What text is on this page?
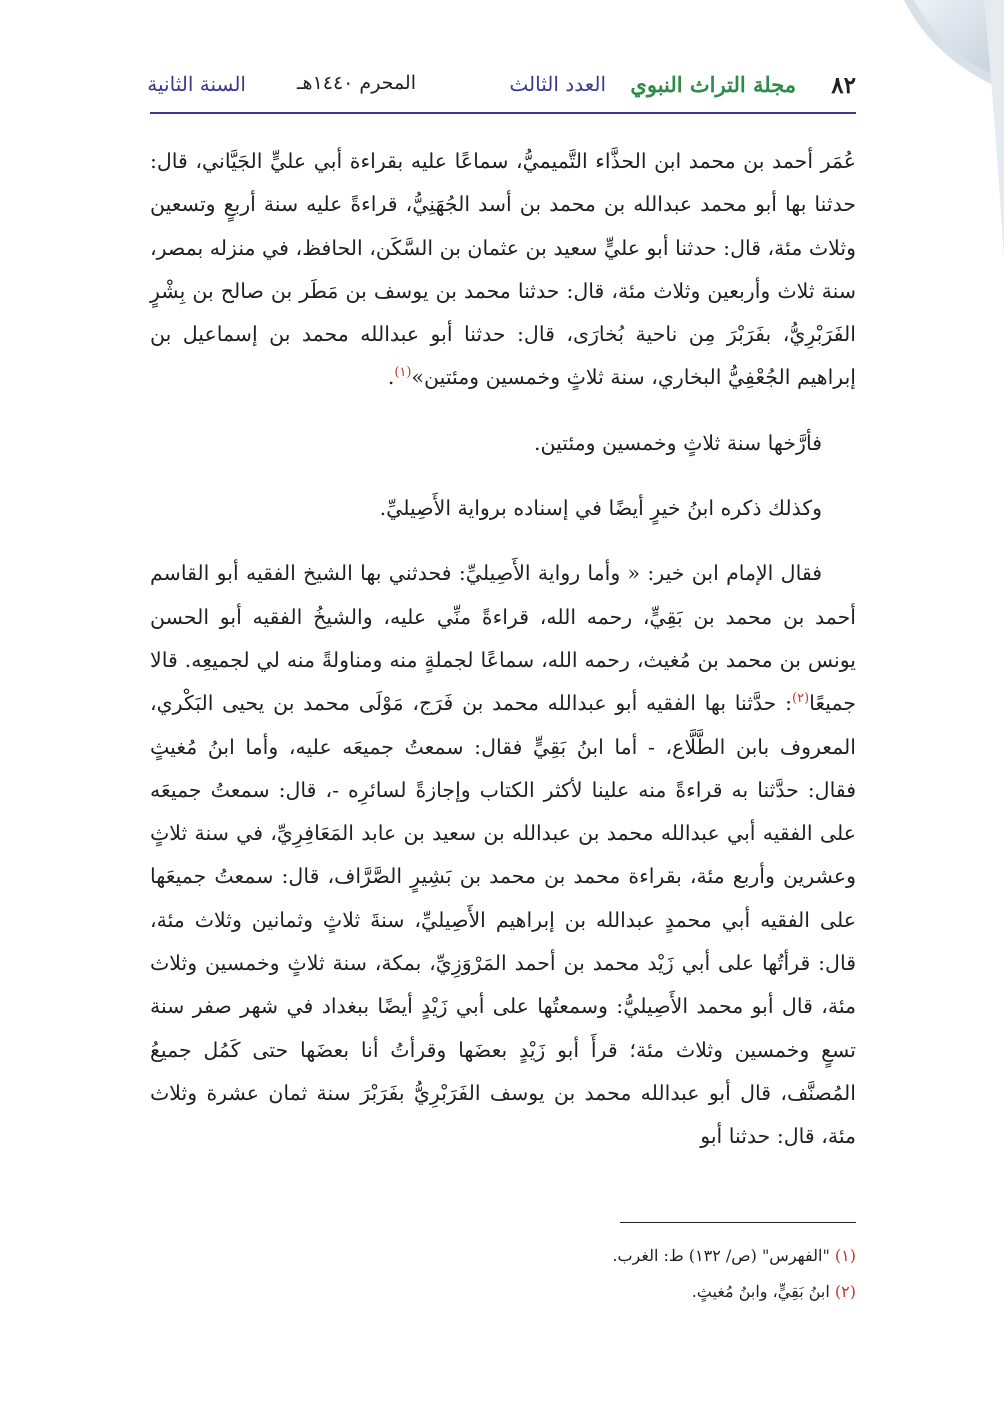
٨٢
مجلة التراث النبوي
العدد الثالث
المحرم ١٤٤٠هـ
السنة الثانية

عُمَر أحمد بن محمد ابن الحذَّاء التَّميميُّ، سماعًا عليه بقراءة أبي عليٍّ الجَيَّاني، قال: حدثنا بها أبو محمد عبدالله بن محمد بن أسد الجُهَنِيُّ، قراءةً عليه سنة أربعٍ وتسعين وثلاث مئة، قال: حدثنا أبو عليٍّ سعيد بن عثمان بن السَّكَن، الحافظ، في منزله بمصر، سنة ثلاث وأربعين وثلاث مئة، قال: حدثنا محمد بن يوسف بن مَطَر بن صالح بن بِشْرٍ الفَرَبْرِيُّ، بفَرَبْرَ مِن ناحية بُخارَى، قال: حدثنا أبو عبدالله محمد بن إسماعيل بن إبراهيم الجُعْفِيُّ البخاري، سنة ثلاثٍ وخمسين ومئتين»$^{(١)}$.

فأرَّخها سنة ثلاثٍ وخمسين ومئتين.

وكذلك ذكره ابنُ خيرٍ أيضًا في إسناده برواية الأَصِيليِّ.

فقال الإمام ابن خير: « وأما رواية الأَصِيليِّ: فحدثني بها الشيخ الفقيه أبو القاسم أحمد بن محمد بن بَقِيٍّ، رحمه الله، قراءةً منِّي عليه، والشيخُ الفقيه أبو الحسن يونس بن محمد بن مُغيث، رحمه الله، سماعًا لجملةٍ منه ومناولةً منه لي لجميعِه. قالا جميعًا$^{(٢)}$: حدَّثنا بها الفقيه أبو عبدالله محمد بن فَرَج، مَوْلَى محمد بن يحيى البَكْري، المعروف بابن الطَّلَّاع، - أما ابنُ بَقِيٍّ فقال: سمعتُ جميعَه عليه، وأما ابنُ مُغيثٍ فقال: حدَّثنا به قراءةً منه علينا لأكثر الكتاب وإجازةً لسائرِه -، قال: سمعتُ جميعَه على الفقيه أبي عبدالله محمد بن عبدالله بن سعيد بن عابد المَعَافِرِيِّ، في سنة ثلاثٍ وعشرين وأربع مئة، بقراءة محمد بن محمد بن بَشِيرٍ الصَّرَّاف، قال: سمعتُ جميعَها على الفقيه أبي محمدٍ عبدالله بن إبراهيم الأَصِيليِّ، سنةَ ثلاثٍ وثمانين وثلاث مئة، قال: قرأتُها على أبي زَيْد محمد بن أحمد المَرْوَزِيِّ، بمكة، سنة ثلاثٍ وخمسين وثلاث مئة، قال أبو محمد الأَصِيليُّ: وسمعتُها على أبي زَيْدٍ أيضًا ببغداد في شهر صفر سنة تسعٍ وخمسين وثلاث مئة؛ قرأَ أبو زَيْدٍ بعضَها وقرأتُ أنا بعضَها حتى كَمُل جميعُ المُصنَّف، قال أبو عبدالله محمد بن يوسف الفَرَبْرِيُّ بفَرَبْرَ سنة ثمان عشرة وثلاث مئة، قال: حدثنا أبو

(١) "الفهرس" (ص/ ١٣٢) ط: الغرب.
(٢) ابنُ بَقِيٍّ، وابنُ مُغيثٍ.
